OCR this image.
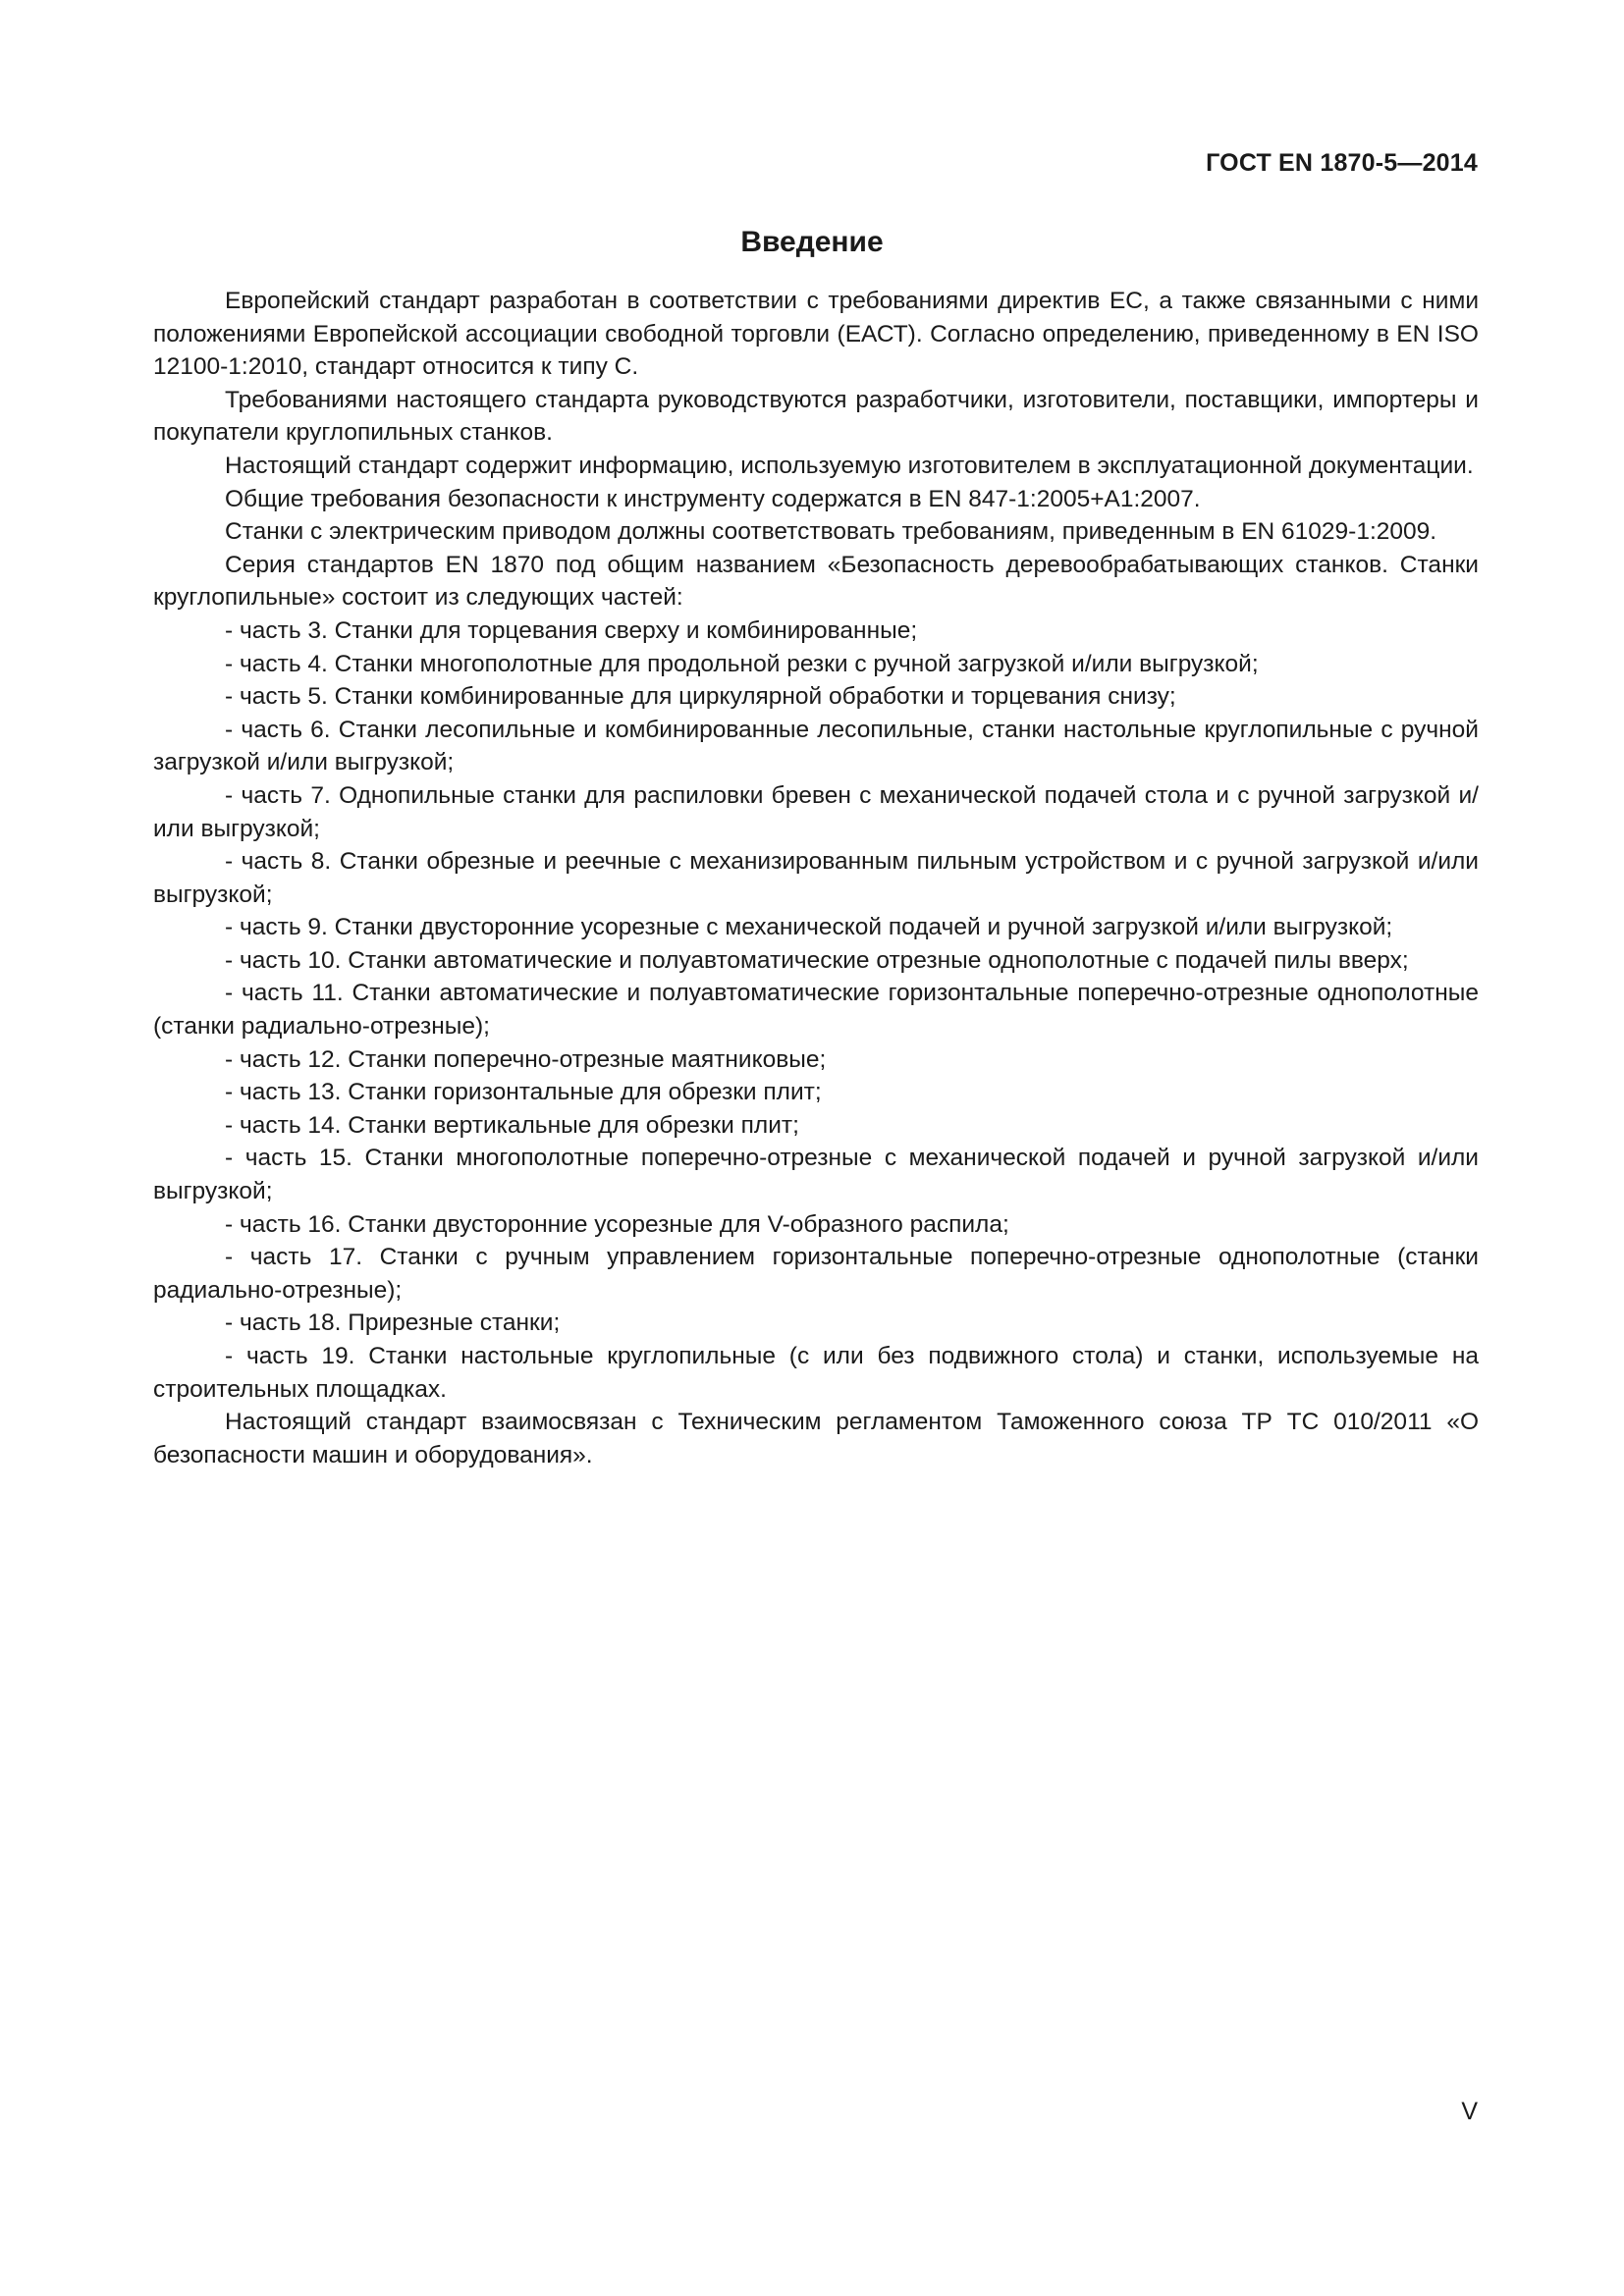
ГОСТ EN 1870-5—2014
Введение

Европейский стандарт разработан в соответствии с требованиями директив ЕС, а также связанными с ними положениями Европейской ассоциации свободной торговли (ЕАСТ). Согласно определению, приведенному в EN ISO 12100-1:2010, стандарт относится к типу С.

Требованиями настоящего стандарта руководствуются разработчики, изготовители, поставщики, импортеры и покупатели круглопильных станков.

Настоящий стандарт содержит информацию, используемую изготовителем в эксплуатационной документации.

Общие требования безопасности к инструменту содержатся в EN 847-1:2005+А1:2007.

Станки с электрическим приводом должны соответствовать требованиям, приведенным в EN 61029-1:2009.

Серия стандартов EN 1870 под общим названием «Безопасность деревообрабатывающих станков. Станки круглопильные» состоит из следующих частей:

- часть 3. Станки для торцевания сверху и комбинированные;

- часть 4. Станки многополотные для продольной резки с ручной загрузкой и/или выгрузкой;

- часть 5. Станки комбинированные для циркулярной обработки и торцевания снизу;

- часть 6. Станки лесопильные и комбинированные лесопильные, станки настольные круглопильные с ручной загрузкой и/или выгрузкой;

- часть 7. Однопильные станки для распиловки бревен с механической подачей стола и с ручной загрузкой и/или выгрузкой;

- часть 8. Станки обрезные и реечные с механизированным пильным устройством и с ручной загрузкой и/или выгрузкой;

- часть 9. Станки двусторонние усорезные с механической подачей и ручной загрузкой и/или выгрузкой;

- часть 10. Станки автоматические и полуавтоматические отрезные однополотные с подачей пилы вверх;

- часть 11. Станки автоматические и полуавтоматические горизонтальные поперечно-отрезные однополотные (станки радиально-отрезные);

- часть 12. Станки поперечно-отрезные маятниковые;

- часть 13. Станки горизонтальные для обрезки плит;

- часть 14. Станки вертикальные для обрезки плит;

- часть 15. Станки многополотные поперечно-отрезные с механической подачей и ручной загрузкой и/или выгрузкой;

- часть 16. Станки двусторонние усорезные для V-образного распила;

- часть 17. Станки с ручным управлением горизонтальные поперечно-отрезные однополотные (станки радиально-отрезные);

- часть 18. Прирезные станки;

- часть 19. Станки настольные круглопильные (с или без подвижного стола) и станки, используемые на строительных площадках.

Настоящий стандарт взаимосвязан с Техническим регламентом Таможенного союза ТР ТС 010/2011 «О безопасности машин и оборудования».

V
